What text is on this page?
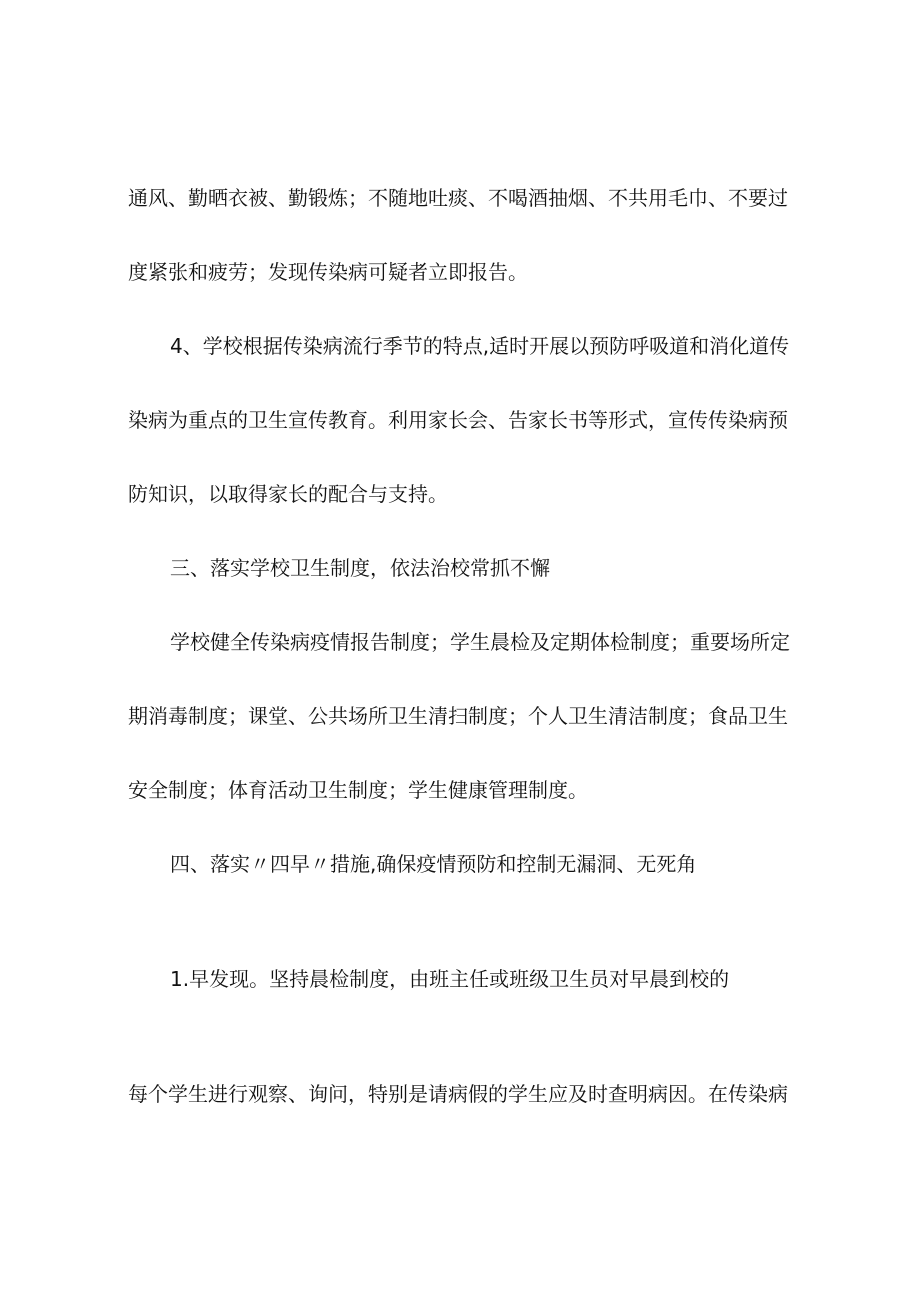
通风、勤晒衣被、勤锻炼；不随地吐痰、不喝酒抽烟、不共用毛巾、不要过
度紧张和疲劳；发现传染病可疑者立即报告。
4、学校根据传染病流行季节的特点,适时开展以预防呼吸道和消化道传
染病为重点的卫生宣传教育。利用家长会、告家长书等形式，宣传传染病预
防知识，以取得家长的配合与支持。
三、落实学校卫生制度，依法治校常抓不懈
学校健全传染病疫情报告制度；学生晨检及定期体检制度；重要场所定
期消毒制度；课堂、公共场所卫生清扫制度；个人卫生清洁制度；食品卫生
安全制度；体育活动卫生制度；学生健康管理制度。
四、落实〃四早〃措施,确保疫情预防和控制无漏洞、无死角
1.早发现。坚持晨检制度，由班主任或班级卫生员对早晨到校的
每个学生进行观察、询问，特别是请病假的学生应及时查明病因。在传染病
